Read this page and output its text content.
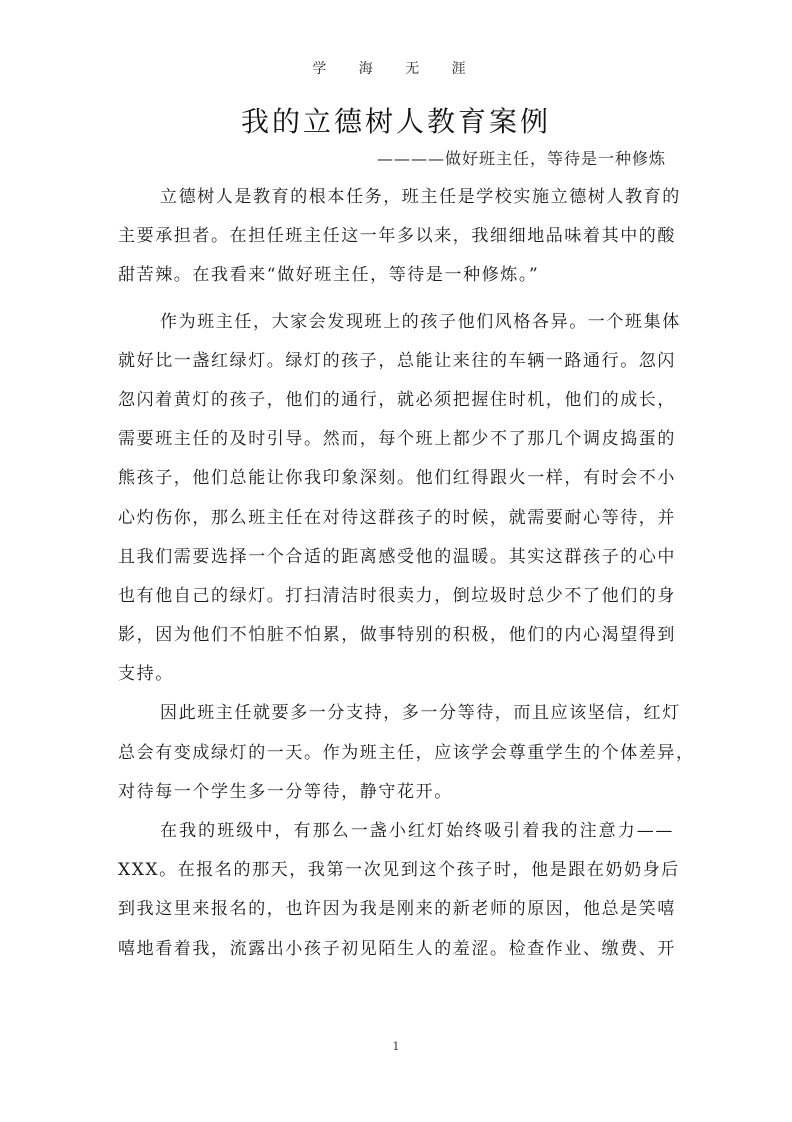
学 海 无 涯
我的立德树人教育案例
————做好班主任，等待是一种修炼
立德树人是教育的根本任务，班主任是学校实施立德树人教育的
主要承担者。在担任班主任这一年多以来，我细细地品味着其中的酸
甜苦辣。在我看来“做好班主任，等待是一种修炼。”
作为班主任，大家会发现班上的孩子他们风格各异。一个班集体
就好比一盏红绿灯。绿灯的孩子，总能让来往的车辆一路通行。忽闪
忽闪着黄灯的孩子，他们的通行，就必须把握住时机，他们的成长，
需要班主任的及时引导。然而，每个班上都少不了那几个调皮捣蛋的
熊孩子，他们总能让你我印象深刻。他们红得跟火一样，有时会不小
心灼伤你，那么班主任在对待这群孩子的时候，就需要耐心等待，并
且我们需要选择一个合适的距离感受他的温暖。其实这群孩子的心中
也有他自己的绿灯。打扫清洁时很卖力，倒垃圾时总少不了他们的身
影，因为他们不怕脏不怕累，做事特别的积极，他们的内心渴望得到
支持。
因此班主任就要多一分支持，多一分等待，而且应该坚信，红灯
总会有变成绿灯的一天。作为班主任，应该学会尊重学生的个体差异，
对待每一个学生多一分等待，静守花开。
在我的班级中，有那么一盏小红灯始终吸引着我的注意力——
XXX。在报名的那天，我第一次见到这个孩子时，他是跟在奶奶身后
到我这里来报名的，也许因为我是刚来的新老师的原因，他总是笑嘻
嘻地看着我，流露出小孩子初见陌生人的羞涩。检查作业、缴费、开
1
